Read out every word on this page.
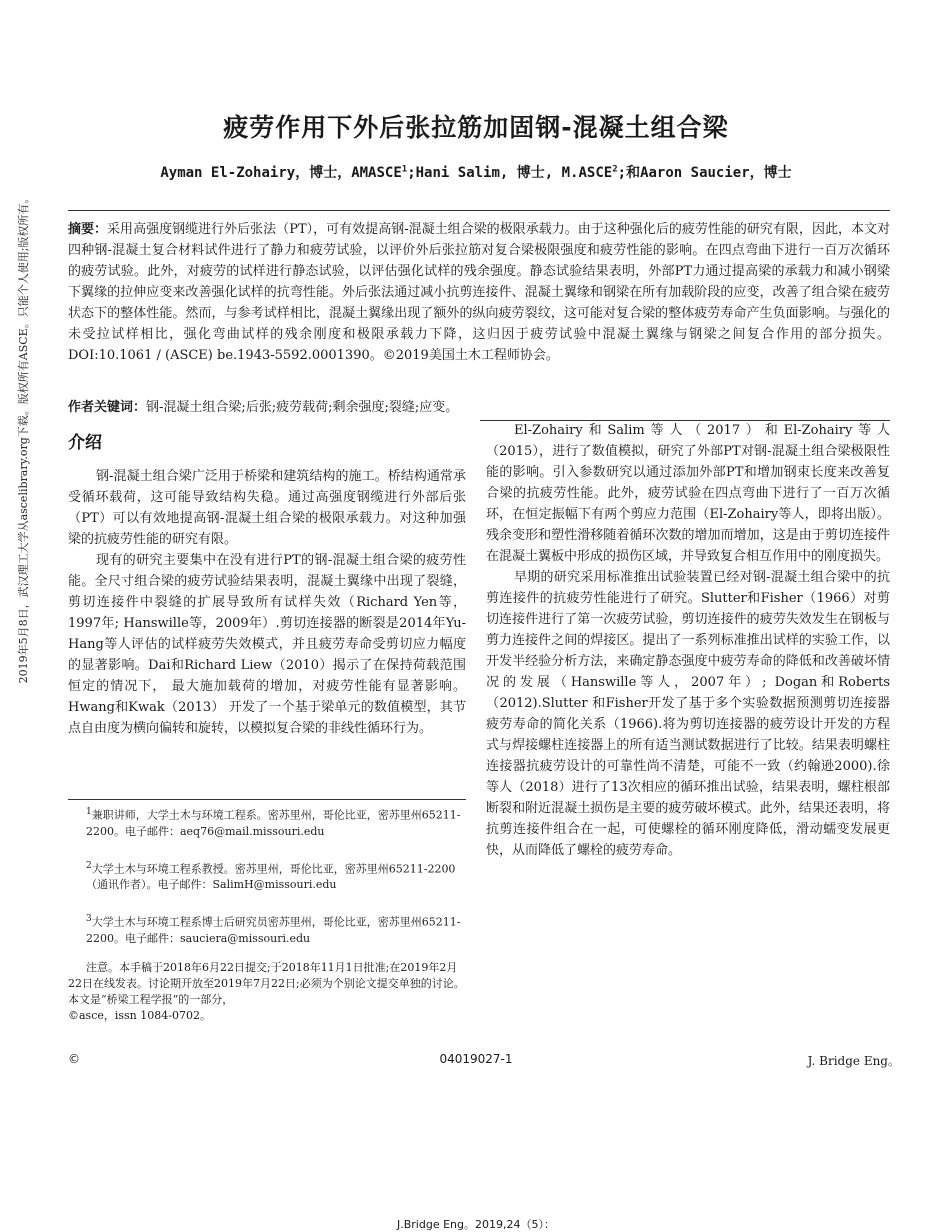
疲劳作用下外后张拉筋加固钢-混凝土组合梁
Ayman El-Zohairy，博士，AMASCE$^1$;Hani Salim, 博士, M.ASCE$^2$;和Aaron Saucier，博士
摘要：采用高强度钢缆进行外后张法（PT），可有效提高钢-混凝土组合梁的极限承载力。由于这种强化后的疲劳性能的研究有限，因此，本文对四种钢-混凝土复合材料试件进行了静力和疲劳试验，以评价外后张拉筋对复合梁极限强度和疲劳性能的影响。在四点弯曲下进行一百万次循环的疲劳试验。此外，对疲劳的试样进行静态试验，以评估强化试样的残余强度。静态试验结果表明，外部PT力通过提高梁的承载力和减小钢梁下翼缘的拉伸应变来改善强化试样的抗弯性能。外后张法通过减小抗剪连接件、混凝土翼缘和钢梁在所有加载阶段的应变，改善了组合梁在疲劳状态下的整体性能。然而，与参考试样相比，混凝土翼缘出现了额外的纵向疲劳裂纹，这可能对复合梁的整体疲劳寿命产生负面影响。与强化的未受拉试样相比，强化弯曲试样的残余刚度和极限承载力下降，这归因于疲劳试验中混凝土翼缘与钢梁之间复合作用的部分损失。DOI:10.1061 / (ASCE) be.1943-5592.0001390。©2019美国土木工程师协会。
作者关键词：钢-混凝土组合梁;后张;疲劳载荷;剩余强度;裂缝;应变。
2019年5月8日，武汉理工大学从ascelibrary.org下载。版权所有ASCE。只能个人使用;版权所有。 介绍

钢-混凝土组合梁广泛用于桥梁和建筑结构的施工。桥结构通常承受循环载荷，这可能导致结构失稳。通过高强度钢缆进行外部后张（PT）可以有效地提高钢-混凝土组合梁的极限承载力。对这种加强梁的抗疲劳性能的研究有限。

现有的研究主要集中在没有进行PT的钢-混凝土组合梁的疲劳性能。全尺寸组合梁的疲劳试验结果表明，混凝土翼缘中出现了裂缝，剪切连接件中裂缝的扩展导致所有试样失效（Richard Yen等，1997年; Hanswille等，2009年）.剪切连接器的断裂是2014年Yu-Hang等人评估的试样疲劳失效模式，并且疲劳寿命受剪切应力幅度的显著影响。Dai和Richard Liew（2010）揭示了在保持荷载范围恒定的情况下， 最大施加载荷的增加，对疲劳性能有显著影响。Hwang和Kwak（2013） 开发了一个基于梁单元的数值模型，其节点自由度为横向偏转和旋转，以模拟复合梁的非线性循环行为。

El-Zohairy和Salim等人（2017）和El-Zohairy等人（2015），进行了数值模拟，研究了外部PT对钢-混凝土组合梁极限性能的影响。引入参数研究以通过添加外部PT和增加钢束长度来改善复合梁的抗疲劳性能。此外，疲劳试验在四点弯曲下进行了一百万次循环，在恒定振幅下有两个剪应力范围（El-Zohairy等人，即将出版）。残余变形和塑性滑移随着循环次数的增加而增加，这是由于剪切连接件在混凝土翼板中形成的损伤区域，并导致复合相互作用中的刚度损失。

早期的研究采用标准推出试验装置已经对钢-混凝土组合梁中的抗剪连接件的抗疲劳性能进行了研究。Slutter和Fisher（1966）对剪切连接件进行了第一次疲劳试验，剪切连接件的疲劳失效发生在钢板与剪力连接件之间的焊接区。提出了一系列标准推出试样的实验工作，以开发半经验分析方法，来确定静态强度中疲劳寿命的降低和改善破坏情况的发展（Hanswille等人，2007年）; Dogan和Roberts（2012).Slutter 和Fisher开发了基于多个实验数据预测剪切连接器疲劳寿命的简化关系（1966).将为剪切连接器的疲劳设计开发的方程式与焊接螺柱连接器上的所有适当测试数据进行了比较。结果表明螺柱连接器抗疲劳设计的可靠性尚不清楚，可能不一致（约翰逊2000).徐等人（2018）进行了13次相应的循环推出试验，结果表明，螺柱根部断裂和附近混凝土损伤是主要的疲劳破坏模式。此外，结果还表明，将抗剪连接件组合在一起，可使螺栓的循环刚度降低，滑动蠕变发展更快，从而降低了螺栓的疲劳寿命。

$^1$兼职讲师，大学土木与环境工程系。密苏里州，哥伦比亚，密苏里州65211-2200。电子邮件：aeq76@mail.missouri.edu

$^2$大学土木与环境工程系教授。密苏里州，哥伦比亚，密苏里州65211-2200（通讯作者）。电子邮件：SalimH@missouri.edu

$^3$大学土木与环境工程系博士后研究员密苏里州，哥伦比亚，密苏里州65211-2200。电子邮件：sauciera@missouri.edu

注意。本手稿于2018年6月22日提交;于2018年11月1日批准;在2019年2月22日在线发表。讨论期开放至2019年7月22日;必须为个别论文提交单独的讨论。本文是“桥梁工程学报”的一部分，

©asce，issn 1084-0702。

©	04019027-1	J. Bridge Eng。
J.Bridge Eng。2019,24（5）：
